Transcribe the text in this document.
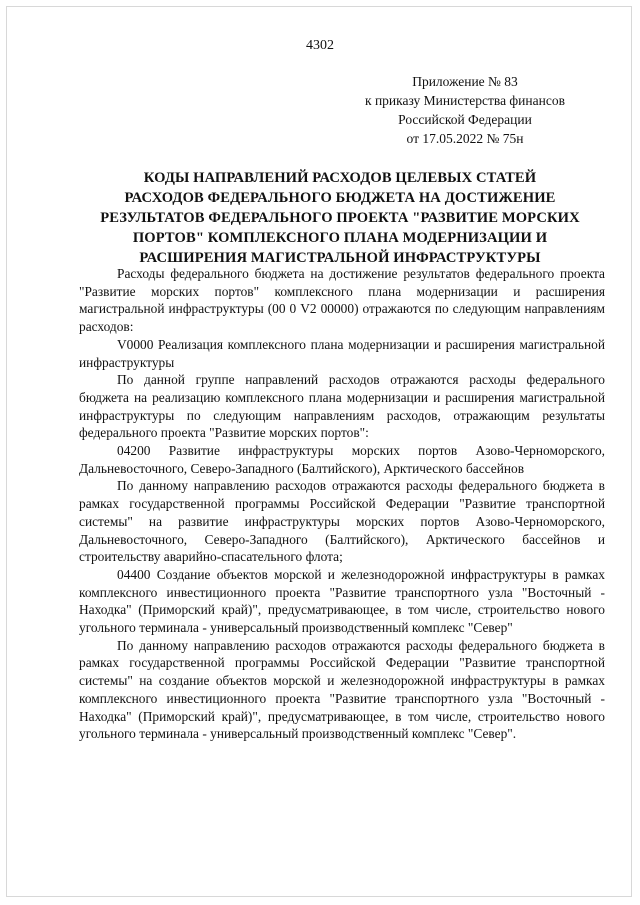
4302
Приложение № 83
к приказу Министерства финансов
Российской Федерации
от 17.05.2022 № 75н
КОДЫ НАПРАВЛЕНИЙ РАСХОДОВ ЦЕЛЕВЫХ СТАТЕЙ
РАСХОДОВ ФЕДЕРАЛЬНОГО БЮДЖЕТА НА ДОСТИЖЕНИЕ
РЕЗУЛЬТАТОВ ФЕДЕРАЛЬНОГО ПРОЕКТА "РАЗВИТИЕ МОРСКИХ
ПОРТОВ" КОМПЛЕКСНОГО ПЛАНА МОДЕРНИЗАЦИИ И
РАСШИРЕНИЯ МАГИСТРАЛЬНОЙ ИНФРАСТРУКТУРЫ

Расходы федерального бюджета на достижение результатов федерального проекта "Развитие морских портов" комплексного плана модернизации и расширения магистральной инфраструктуры (00 0 V2 00000) отражаются по следующим направлениям расходов:

V0000 Реализация комплексного плана модернизации и расширения магистральной инфраструктуры

По данной группе направлений расходов отражаются расходы федерального бюджета на реализацию комплексного плана модернизации и расширения магистральной инфраструктуры по следующим направлениям расходов, отражающим результаты федерального проекта "Развитие морских портов":

04200 Развитие инфраструктуры морских портов Азово-Черноморского, Дальневосточного, Северо-Западного (Балтийского), Арктического бассейнов

По данному направлению расходов отражаются расходы федерального бюджета в рамках государственной программы Российской Федерации "Развитие транспортной системы" на развитие инфраструктуры морских портов Азово-Черноморского, Дальневосточного, Северо-Западного (Балтийского), Арктического бассейнов и строительству аварийно-спасательного флота;

04400 Создание объектов морской и железнодорожной инфраструктуры в рамках комплексного инвестиционного проекта "Развитие транспортного узла "Восточный - Находка" (Приморский край)", предусматривающее, в том числе, строительство нового угольного терминала - универсальный производственный комплекс "Север"

По данному направлению расходов отражаются расходы федерального бюджета в рамках государственной программы Российской Федерации "Развитие транспортной системы" на создание объектов морской и железнодорожной инфраструктуры в рамках комплексного инвестиционного проекта "Развитие транспортного узла "Восточный - Находка" (Приморский край)", предусматривающее, в том числе, строительство нового угольного терминала - универсальный производственный комплекс "Север".
